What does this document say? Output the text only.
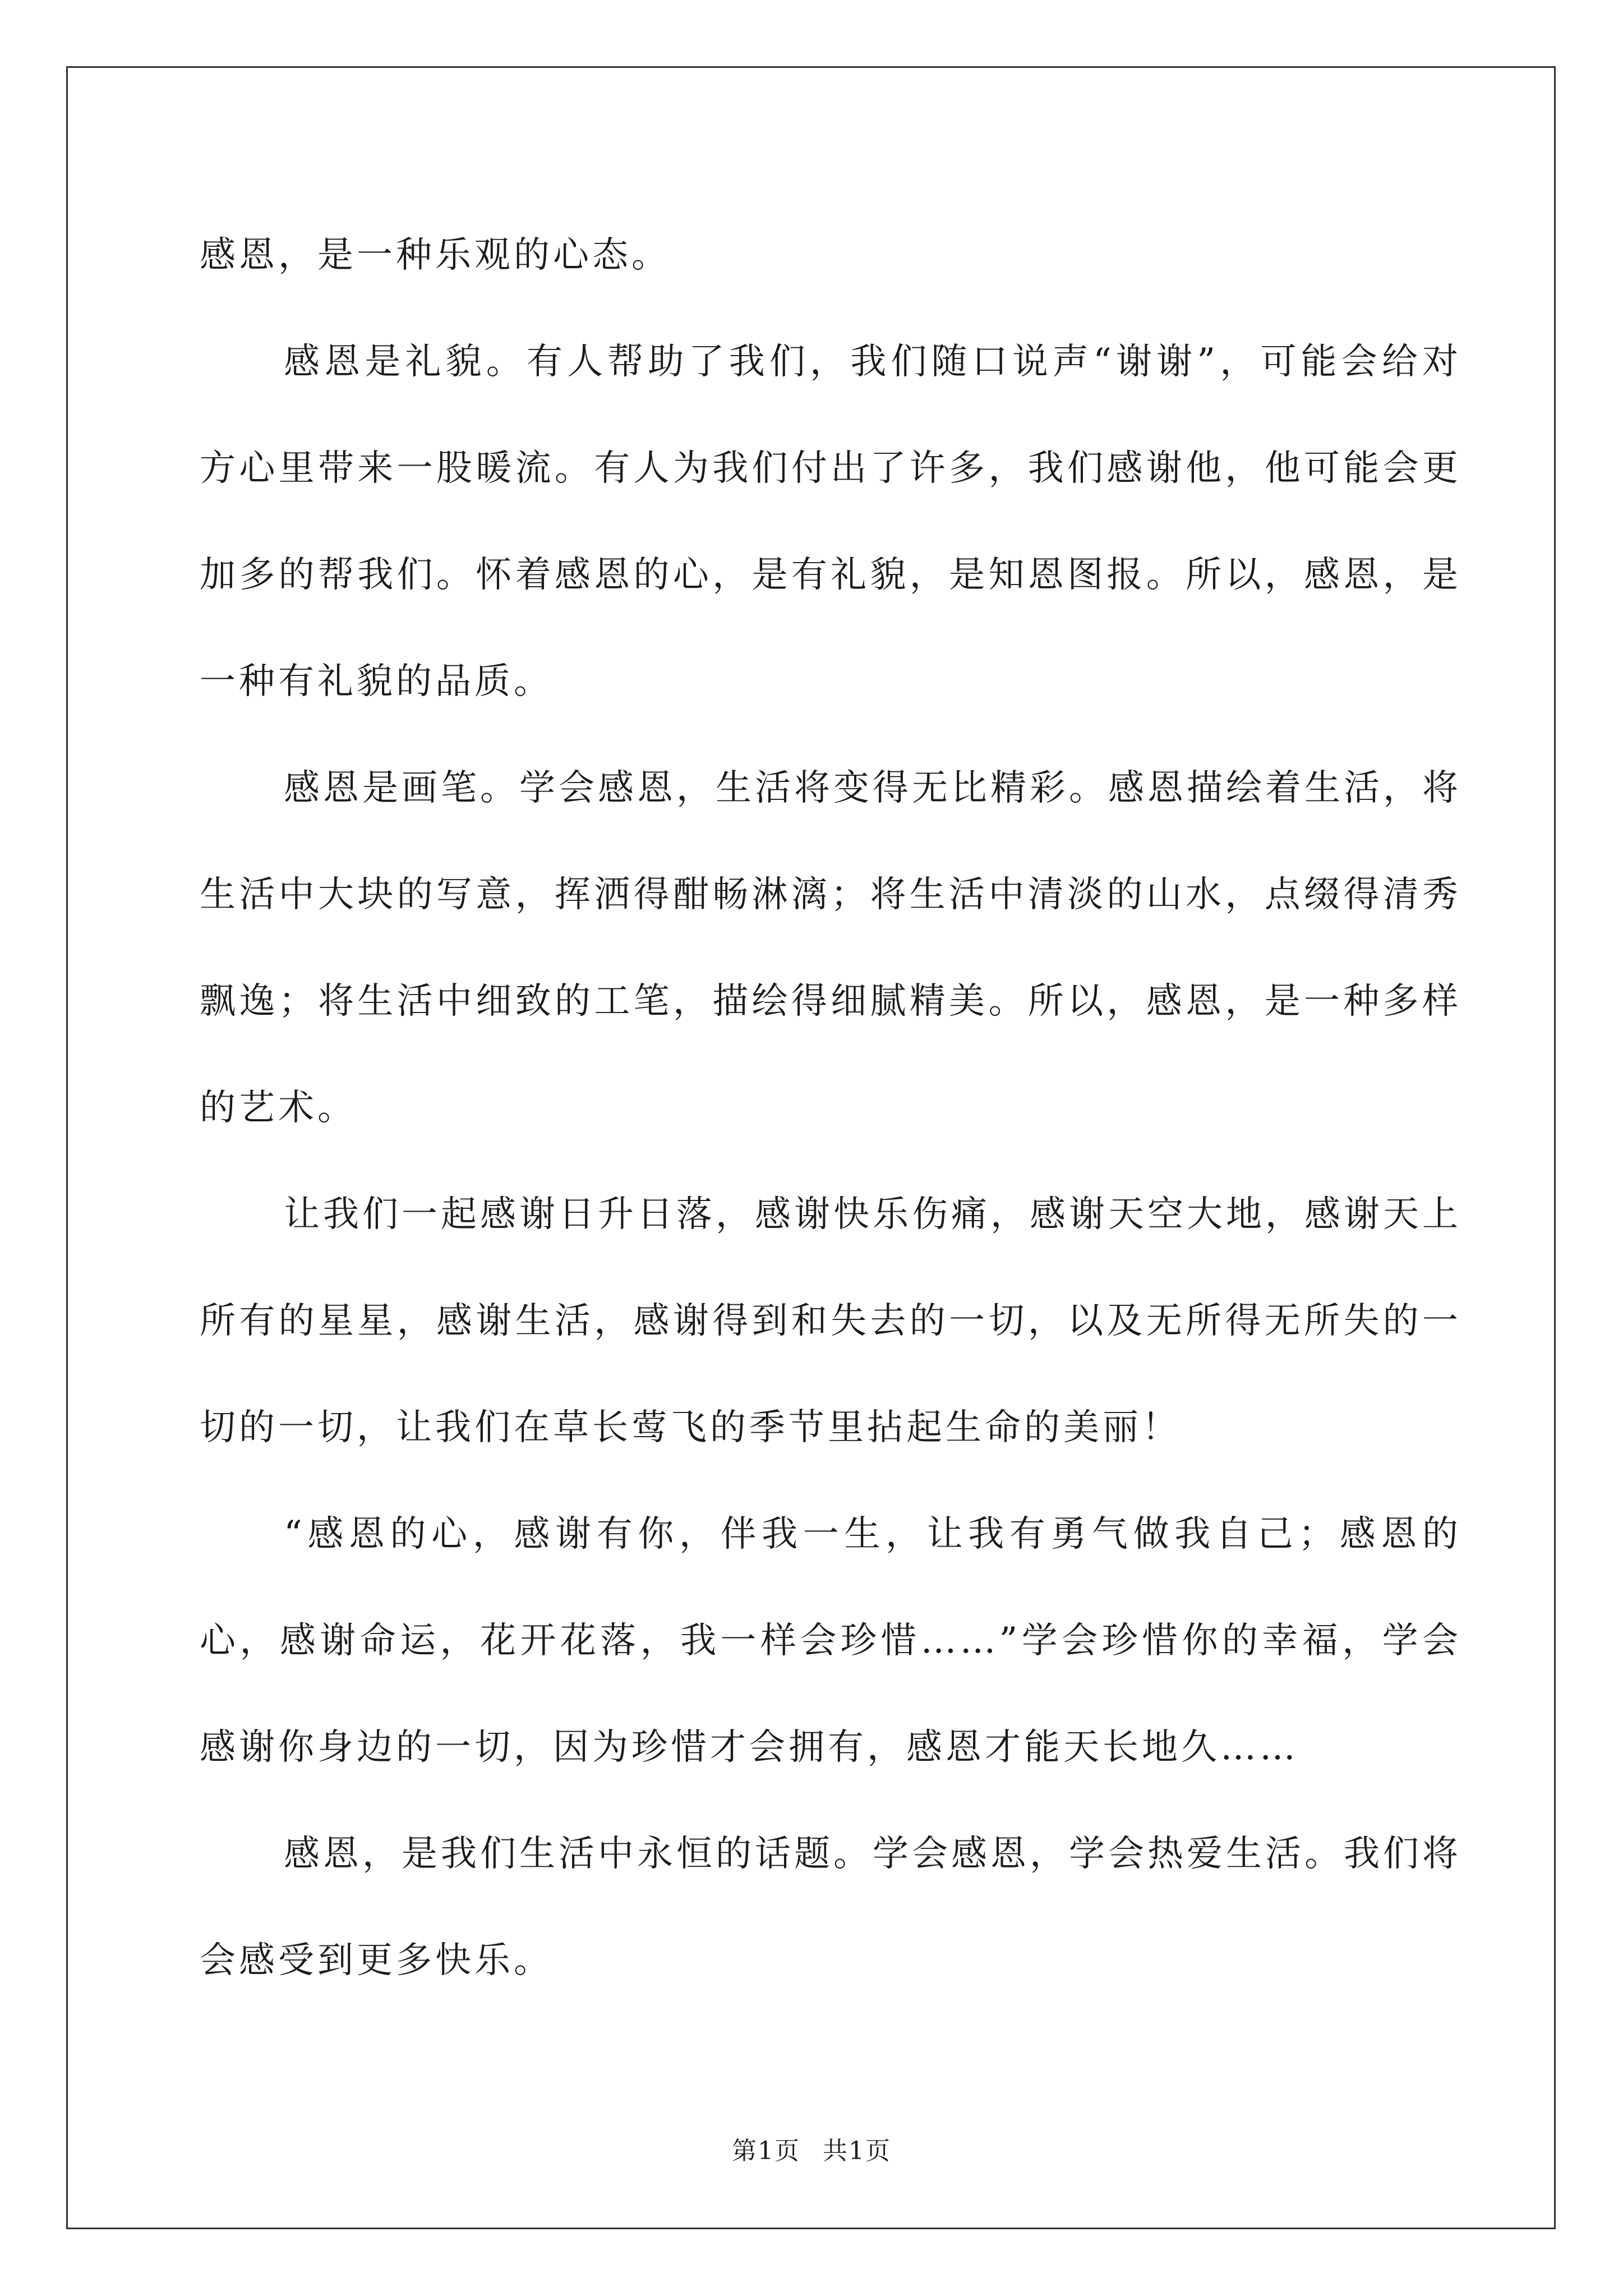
感恩，是一种乐观的心态。

感恩是礼貌。有人帮助了我们，我们随口说声“谢谢”，可能会给对方心里带来一股暖流。有人为我们付出了许多，我们感谢他，他可能会更加多的帮我们。怀着感恩的心，是有礼貌，是知恩图报。所以，感恩，是一种有礼貌的品质。

感恩是画笔。学会感恩，生活将变得无比精彩。感恩描绘着生活，将生活中大块的写意，挥洒得酣畅淋漓；将生活中清淡的山水，点缀得清秀飘逸；将生活中细致的工笔，描绘得细腻精美。所以，感恩，是一种多样的艺术。

让我们一起感谢日升日落，感谢快乐伤痛，感谢天空大地，感谢天上所有的星星，感谢生活，感谢得到和失去的一切，以及无所得无所失的一切的一切，让我们在草长莺飞的季节里拈起生命的美丽！

“感恩的心，感谢有你，伴我一生，让我有勇气做我自己；感恩的心，感谢命运，花开花落，我一样会珍惜……”学会珍惜你的幸福，学会感谢你身边的一切，因为珍惜才会拥有，感恩才能天长地久……

感恩，是我们生活中永恒的话题。学会感恩，学会热爱生活。我们将会感受到更多快乐。

第1页 共1页
